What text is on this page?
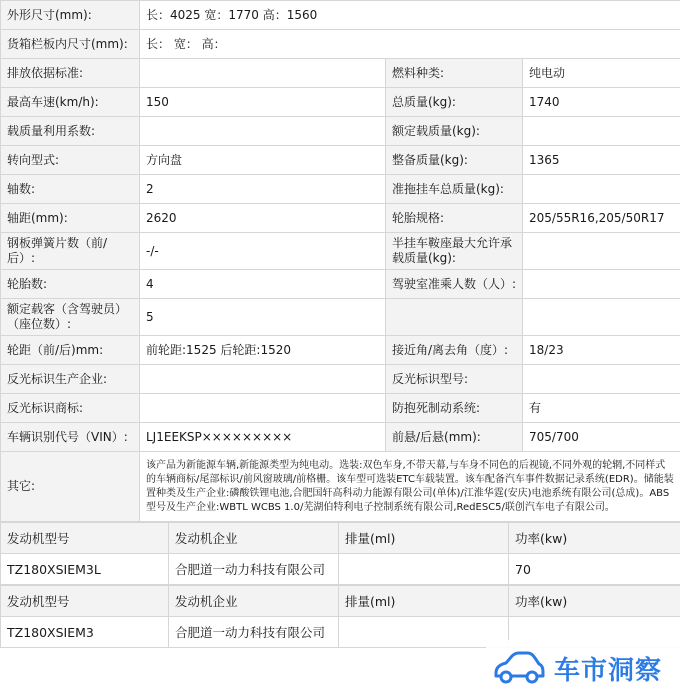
外形尺寸(mm):	长：4025 宽：1770 高：1560		
货箱栏板内尺寸(mm):	长： 宽： 高：		
排放依据标准:		燃料种类:	纯电动
最高车速(km/h):	150	总质量(kg):	1740
载质量利用系数:		额定载质量(kg):	
转向型式:	方向盘	整备质量(kg):	1365
轴数:	2	准拖挂车总质量(kg):	
轴距(mm):	2620	轮胎规格:	205/55R16,205/50R17
钢板弹簧片数（前/后）:	-/-	半挂车鞍座最大允许承载质量(kg):	
轮胎数:	4	驾驶室准乘人数（人）:	
额定载客（含驾驶员）（座位数）:	5		
轮距（前/后)mm:	前轮距:1525 后轮距:1520	接近角/离去角（度）:	18/23
反光标识生产企业:		反光标识型号:	
反光标识商标:		防抱死制动系统:	有
车辆识别代号（VIN）:	LJ1EEKSP×××××××××	前悬/后悬(mm):	705/700
其它:	该产品为新能源车辆,新能源类型为纯电动。选装:双色车身,不带天幕,与车身不同色的后视镜,不同外观的轮辋,不同样式的车辆商标/尾部标识/前风窗玻璃/前格栅。该车型可选装ETC车载装置。该车配备汽车事件数据记录系统(EDR)。储能装置种类及生产企业:磷酸铁锂电池,合肥国轩高科动力能源有限公司(单体)/江淮华霆(安庆)电池系统有限公司(总成)。ABS型号及生产企业:WBTL WCBS 1.0/芜湖伯特利电子控制系统有限公司,RedESC5/联创汽车电子有限公司。		
发动机型号	发动机企业	排量(ml)	功率(kw)
TZ180XSIEM3L	合肥道一动力科技有限公司		70
发动机型号	发动机企业	排量(ml)	功率(kw)
TZ180XSIEM3	合肥道一动力科技有限公司		
车市洞察
